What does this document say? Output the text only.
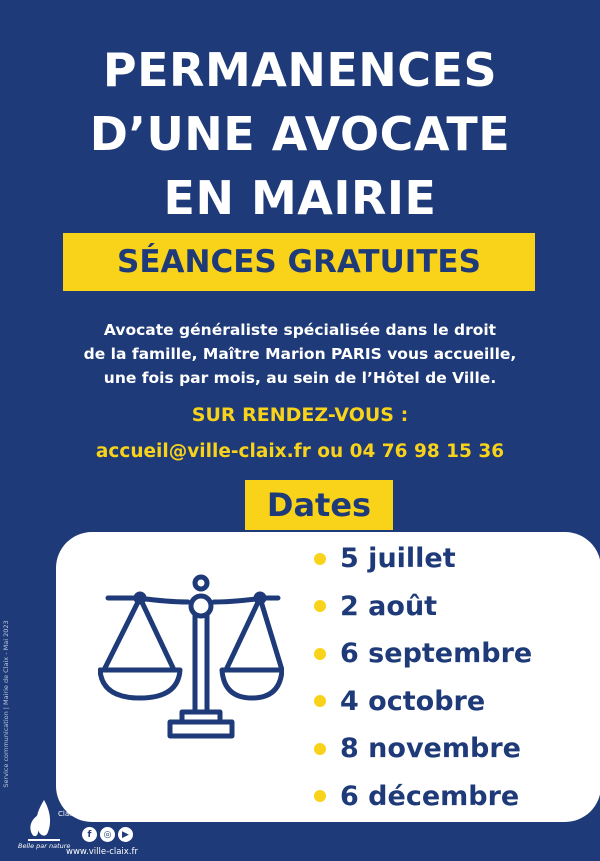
PERMANENCES
D’UNE AVOCATE
EN MAIRIE
SÉANCES GRATUITES
Avocate généraliste spécialisée dans le droit
de la famille, Maître Marion PARIS vous accueille,
une fois par mois, au sein de l’Hôtel de Ville.
SUR RENDEZ-VOUS :
accueil@ville-claix.fr ou 04 76 98 15 36
Dates
5 juillet
2 août
6 septembre
4 octobre
8 novembre
6 décembre
Service communication | Mairie de Claix - Mai 2023
Claix
Belle par nature
f	◎	▶
www.ville-claix.fr
